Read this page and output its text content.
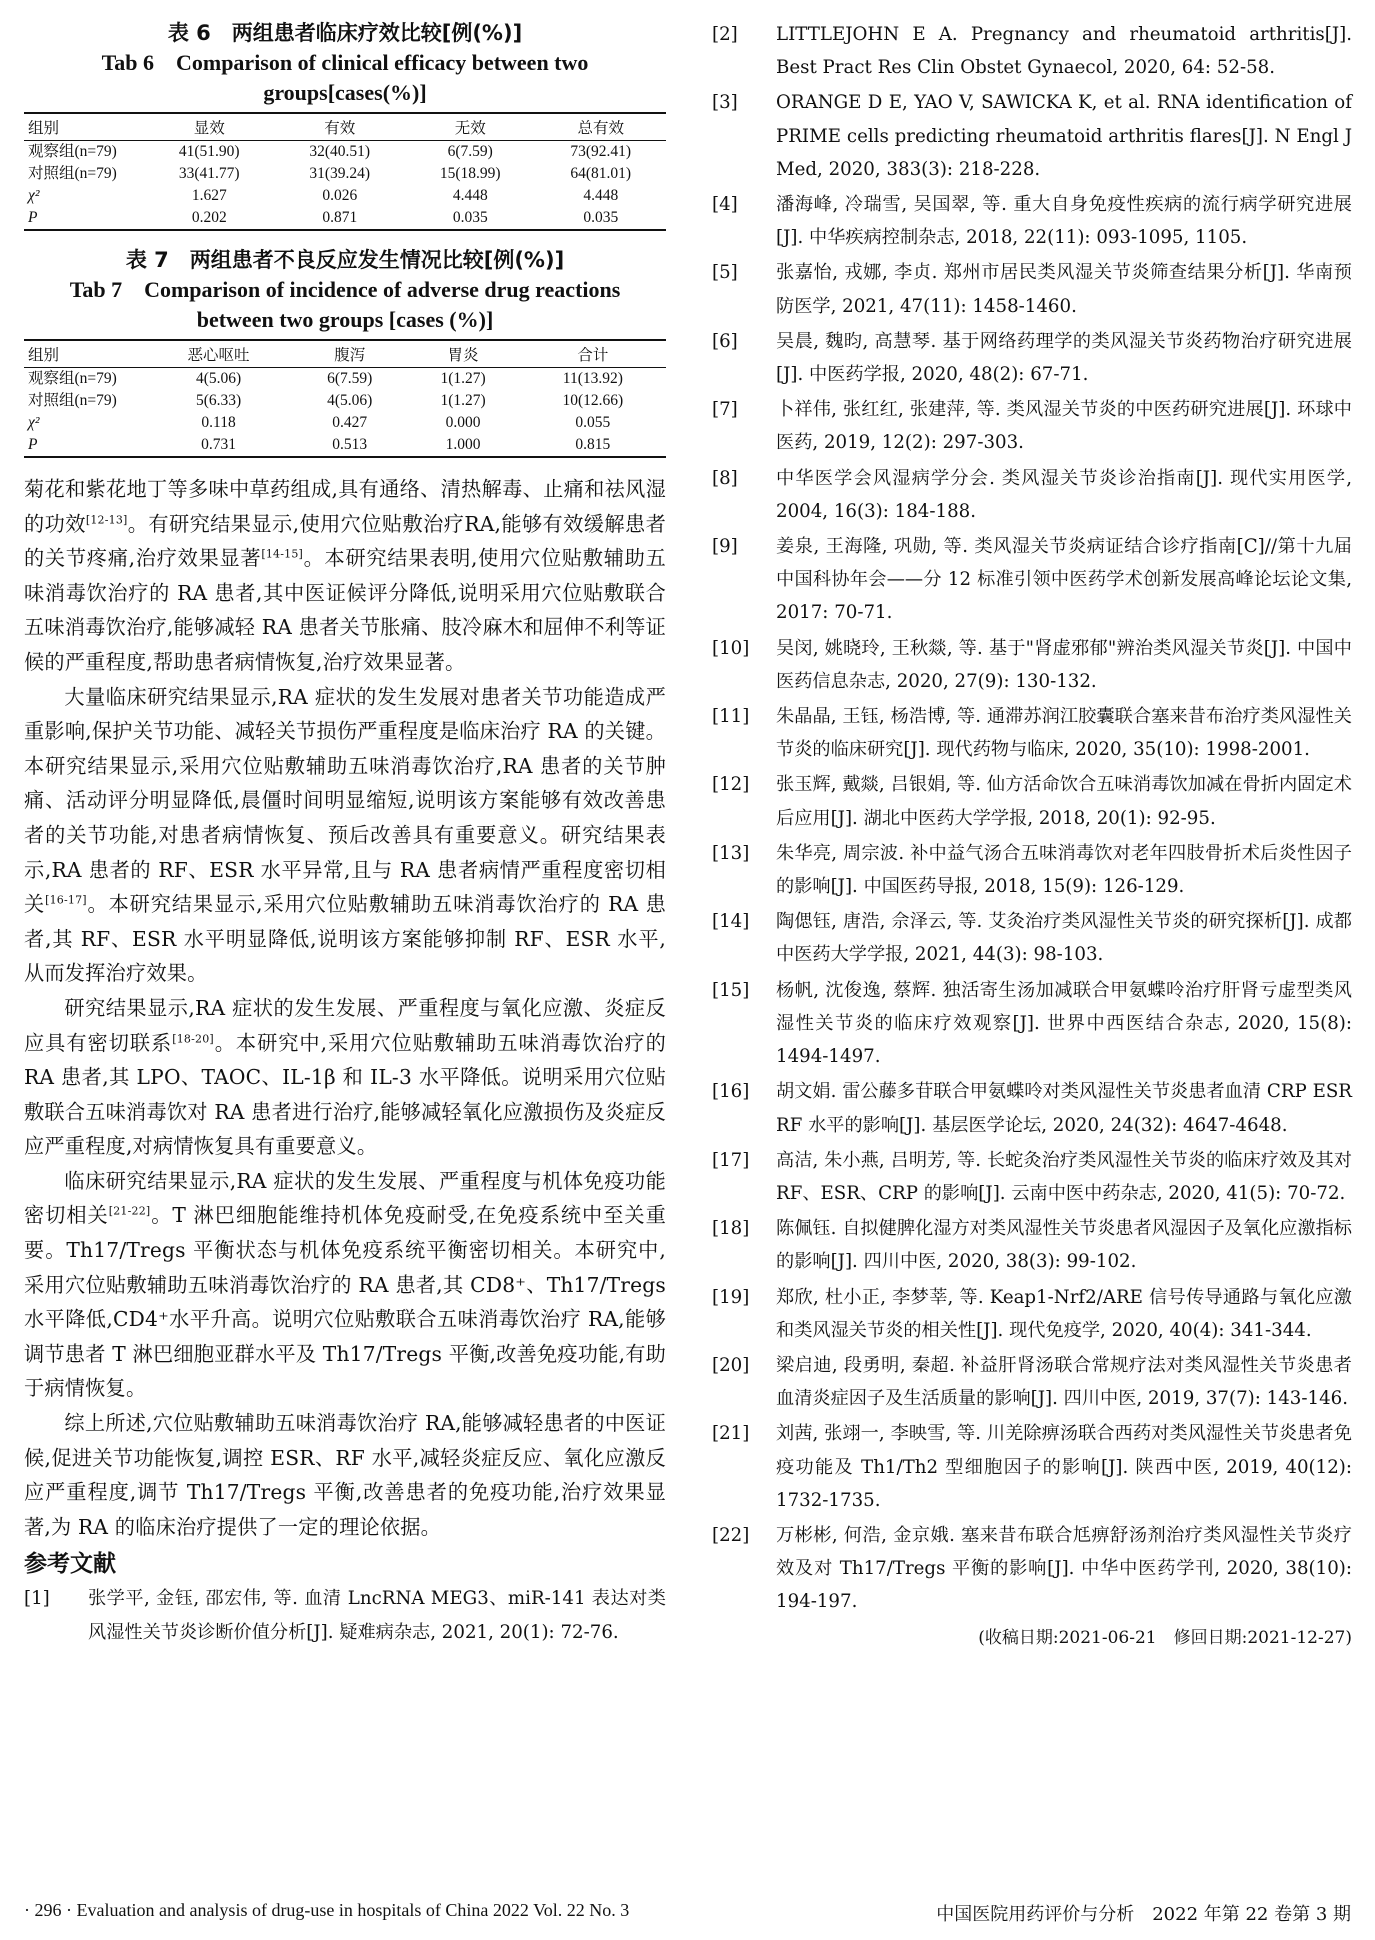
表 6　两组患者临床疗效比较[例(%)]
Tab 6　Comparison of clinical efficacy between two
groups[cases(%)]
组别	显效	有效	无效	总有效
观察组(n=79)	41(51.90)	32(40.51)	6(7.59)	73(92.41)
对照组(n=79)	33(41.77)	31(39.24)	15(18.99)	64(81.01)
χ²	1.627	0.026	4.448	4.448
P	0.202	0.871	0.035	0.035
表 7　两组患者不良反应发生情况比较[例(%)]
Tab 7　Comparison of incidence of adverse drug reactions
between two groups [cases (%)]
组别	恶心呕吐	腹泻	胃炎	合计
观察组(n=79)	4(5.06)	6(7.59)	1(1.27)	11(13.92)
对照组(n=79)	5(6.33)	4(5.06)	1(1.27)	10(12.66)
χ²	0.118	0.427	0.000	0.055
P	0.731	0.513	1.000	0.815

菊花和紫花地丁等多味中草药组成,具有通络、清热解毒、止痛和祛风湿的功效[12-13]。有研究结果显示,使用穴位贴敷治疗RA,能够有效缓解患者的关节疼痛,治疗效果显著[14-15]。本研究结果表明,使用穴位贴敷辅助五味消毒饮治疗的 RA 患者,其中医证候评分降低,说明采用穴位贴敷联合五味消毒饮治疗,能够减轻 RA 患者关节胀痛、肢冷麻木和屈伸不利等证候的严重程度,帮助患者病情恢复,治疗效果显著。

大量临床研究结果显示,RA 症状的发生发展对患者关节功能造成严重影响,保护关节功能、减轻关节损伤严重程度是临床治疗 RA 的关键。本研究结果显示,采用穴位贴敷辅助五味消毒饮治疗,RA 患者的关节肿痛、活动评分明显降低,晨僵时间明显缩短,说明该方案能够有效改善患者的关节功能,对患者病情恢复、预后改善具有重要意义。研究结果表示,RA 患者的 RF、ESR 水平异常,且与 RA 患者病情严重程度密切相关[16-17]。本研究结果显示,采用穴位贴敷辅助五味消毒饮治疗的 RA 患者,其 RF、ESR 水平明显降低,说明该方案能够抑制 RF、ESR 水平,从而发挥治疗效果。

研究结果显示,RA 症状的发生发展、严重程度与氧化应激、炎症反应具有密切联系[18-20]。本研究中,采用穴位贴敷辅助五味消毒饮治疗的 RA 患者,其 LPO、TAOC、IL-1β 和 IL-3 水平降低。说明采用穴位贴敷联合五味消毒饮对 RA 患者进行治疗,能够减轻氧化应激损伤及炎症反应严重程度,对病情恢复具有重要意义。

临床研究结果显示,RA 症状的发生发展、严重程度与机体免疫功能密切相关[21-22]。T 淋巴细胞能维持机体免疫耐受,在免疫系统中至关重要。Th17/Tregs 平衡状态与机体免疫系统平衡密切相关。本研究中,采用穴位贴敷辅助五味消毒饮治疗的 RA 患者,其 CD8⁺、Th17/Tregs 水平降低,CD4⁺水平升高。说明穴位贴敷联合五味消毒饮治疗 RA,能够调节患者 T 淋巴细胞亚群水平及 Th17/Tregs 平衡,改善免疫功能,有助于病情恢复。

综上所述,穴位贴敷辅助五味消毒饮治疗 RA,能够减轻患者的中医证候,促进关节功能恢复,调控 ESR、RF 水平,减轻炎症反应、氧化应激反应严重程度,调节 Th17/Tregs 平衡,改善患者的免疫功能,治疗效果显著,为 RA 的临床治疗提供了一定的理论依据。

参考文献
[1]	张学平, 金钰, 邵宏伟, 等. 血清 LncRNA MEG3、miR-141 表达对类风湿性关节炎诊断价值分析[J]. 疑难病杂志, 2021, 20(1): 72-76.
[2]	LITTLEJOHN E A. Pregnancy and rheumatoid arthritis[J]. Best Pract Res Clin Obstet Gynaecol, 2020, 64: 52-58.
[3]	ORANGE D E, YAO V, SAWICKA K, et al. RNA identification of PRIME cells predicting rheumatoid arthritis flares[J]. N Engl J Med, 2020, 383(3): 218-228.
[4]	潘海峰, 冷瑞雪, 吴国翠, 等. 重大自身免疫性疾病的流行病学研究进展[J]. 中华疾病控制杂志, 2018, 22(11): 093-1095, 1105.
[5]	张嘉怡, 戎娜, 李贞. 郑州市居民类风湿关节炎筛查结果分析[J]. 华南预防医学, 2021, 47(11): 1458-1460.
[6]	吴晨, 魏昀, 高慧琴. 基于网络药理学的类风湿关节炎药物治疗研究进展[J]. 中医药学报, 2020, 48(2): 67-71.
[7]	卜祥伟, 张红红, 张建萍, 等. 类风湿关节炎的中医药研究进展[J]. 环球中医药, 2019, 12(2): 297-303.
[8]	中华医学会风湿病学分会. 类风湿关节炎诊治指南[J]. 现代实用医学, 2004, 16(3): 184-188.
[9]	姜泉, 王海隆, 巩勋, 等. 类风湿关节炎病证结合诊疗指南[C]//第十九届中国科协年会——分 12 标准引领中医药学术创新发展高峰论坛论文集, 2017: 70-71.
[10]	吴闵, 姚晓玲, 王秋燚, 等. 基于"肾虚邪郁"辨治类风湿关节炎[J]. 中国中医药信息杂志, 2020, 27(9): 130-132.
[11]	朱晶晶, 王钰, 杨浩博, 等. 通滞苏润江胶囊联合塞来昔布治疗类风湿性关节炎的临床研究[J]. 现代药物与临床, 2020, 35(10): 1998-2001.
[12]	张玉辉, 戴燚, 吕银娟, 等. 仙方活命饮合五味消毒饮加减在骨折内固定术后应用[J]. 湖北中医药大学学报, 2018, 20(1): 92-95.
[13]	朱华亮, 周宗波. 补中益气汤合五味消毒饮对老年四肢骨折术后炎性因子的影响[J]. 中国医药导报, 2018, 15(9): 126-129.
[14]	陶偲钰, 唐浩, 佘泽云, 等. 艾灸治疗类风湿性关节炎的研究探析[J]. 成都中医药大学学报, 2021, 44(3): 98-103.
[15]	杨帆, 沈俊逸, 蔡辉. 独活寄生汤加减联合甲氨蝶呤治疗肝肾亏虚型类风湿性关节炎的临床疗效观察[J]. 世界中西医结合杂志, 2020, 15(8): 1494-1497.
[16]	胡文娟. 雷公藤多苷联合甲氨蝶呤对类风湿性关节炎患者血清 CRP ESR RF 水平的影响[J]. 基层医学论坛, 2020, 24(32): 4647-4648.
[17]	高洁, 朱小燕, 吕明芳, 等. 长蛇灸治疗类风湿性关节炎的临床疗效及其对 RF、ESR、CRP 的影响[J]. 云南中医中药杂志, 2020, 41(5): 70-72.
[18]	陈佩钰. 自拟健脾化湿方对类风湿性关节炎患者风湿因子及氧化应激指标的影响[J]. 四川中医, 2020, 38(3): 99-102.
[19]	郑欣, 杜小正, 李梦莘, 等. Keap1-Nrf2/ARE 信号传导通路与氧化应激和类风湿关节炎的相关性[J]. 现代免疫学, 2020, 40(4): 341-344.
[20]	梁启迪, 段勇明, 秦超. 补益肝肾汤联合常规疗法对类风湿性关节炎患者血清炎症因子及生活质量的影响[J]. 四川中医, 2019, 37(7): 143-146.
[21]	刘茜, 张翊一, 李映雪, 等. 川羌除痹汤联合西药对类风湿性关节炎患者免疫功能及 Th1/Th2 型细胞因子的影响[J]. 陕西中医, 2019, 40(12): 1732-1735.
[22]	万彬彬, 何浩, 金京娥. 塞来昔布联合尪痹舒汤剂治疗类风湿性关节炎疗效及对 Th17/Tregs 平衡的影响[J]. 中华中医药学刊, 2020, 38(10): 194-197.
(收稿日期:2021-06-21　修回日期:2021-12-27)
· 296 · Evaluation and analysis of drug-use in hospitals of China 2022 Vol. 22 No. 3	中国医院用药评价与分析　2022 年第 22 卷第 3 期
